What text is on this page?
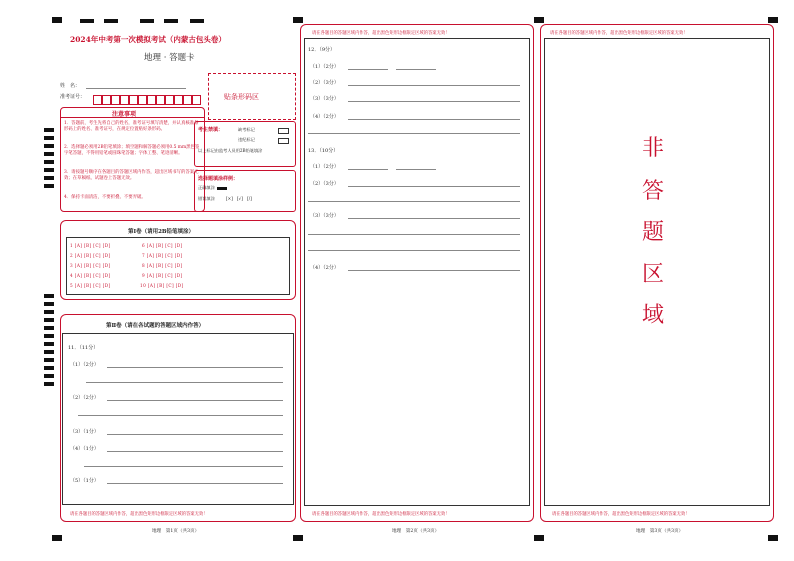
2024年中考第一次模拟考试（内蒙古包头卷）
地理 · 答题卡
姓　名：
准考证号：	贴条形码区
注意事项
1．答题前，考生先将自己的姓名，准考证号填写清楚，并认真核准条形码上的姓名、准考证号，在规定位置贴好条形码。
2．选择题必须用2B铅笔填涂；填空题和解答题必须用0.5 mm黑色签字笔答题，不得用铅笔或圆珠笔答题；字体工整、笔迹清晰。
3．请按题号顺序在各题目的答题区域内作答，超出区域书写的答案无效；在草稿纸、试题卷上答题无效。
4．保持卡面清洁，不要折叠、不要弄破。
考生禁填：	缺考标记
违纪标记
以上标记由监考人员用2B铅笔填涂
选择题填涂样例：
正确填涂
错误填涂	[×]　[√]　[/]
第Ⅰ卷（请用2B铅笔填涂）
1 [A] [B] [C] [D]
2 [A] [B] [C] [D]
3 [A] [B] [C] [D]
4 [A] [B] [C] [D]
5 [A] [B] [C] [D]
6 [A] [B] [C] [D]
7 [A] [B] [C] [D]
8 [A] [B] [C] [D]
9 [A] [B] [C] [D]
10 [A] [B] [C] [D]
第Ⅱ卷（请在各试题的答题区域内作答）
11．（11分）
（1）（2分）
（2）（2分）
（3）（1分）
（4）（1分）
（5）（1分）
请在各题目的答题区域内作答，超出黑色矩形边框限定区域的答案无效！
地理　第1页（共3页）
请在各题目的答题区域内作答，超出黑色矩形边框限定区域的答案无效！
12．（9分）
（1）（2分）
（2）（3分）
（3）（3分）
（4）（2分）
13．（10分）
（1）（2分）
（2）（3分）
（3）（3分）
（4）（2分）
请在各题目的答题区域内作答，超出黑色矩形边框限定区域的答案无效！
地理　第2页（共3页）
请在各题目的答题区域内作答，超出黑色矩形边框限定区域的答案无效！
非
答
题
区
域
请在各题目的答题区域内作答，超出黑色矩形边框限定区域的答案无效！
地理　第3页（共3页）
